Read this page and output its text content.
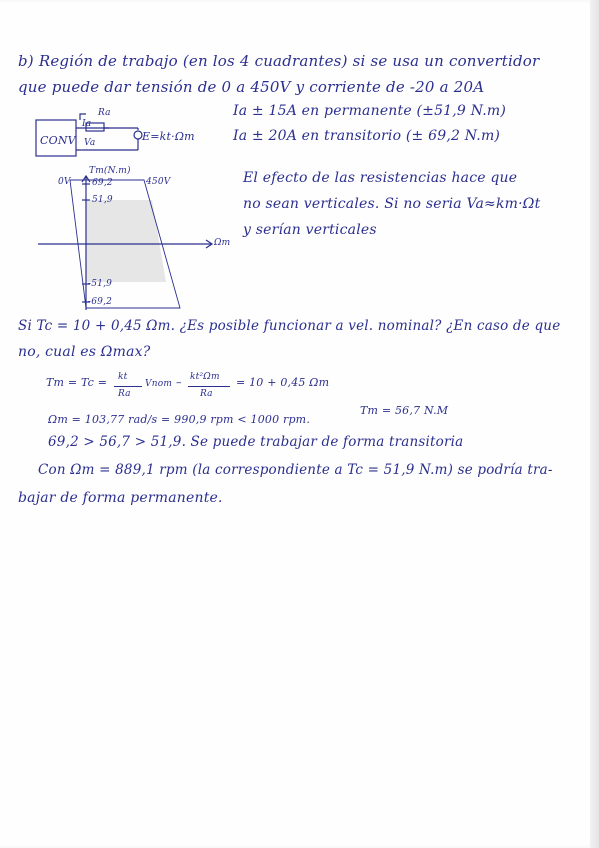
b) Región de trabajo (en los 4 cuadrantes) si se usa un convertidor
que puede dar tensión de 0 a 450V y corriente de -20 a 20A
CONV
Ra
Va
Ia
E=kt·Ωm
Ia ± 15A en permanente (±51,9 N.m)
Ia ± 20A en transitorio (± 69,2 N.m)
Tm(N.m)
0V	450V
69,2
51,9
Ωm
-51,9
-69,2
El efecto de las resistencias hace que
no sean verticales. Si no seria Va≈km·Ωt
y serían verticales
Si Tc = 10 + 0,45 Ωm. ¿Es posible funcionar a vel. nominal? ¿En caso de que
no, cual es Ωmax?
Tm = Tc = kt
Ra
Vnom – kt²Ωm
Ra
= 10 + 0,45 Ωm
Ωm = 103,77 rad/s = 990,9 rpm < 1000 rpm.
Tm = 56,7 N.M
69,2 > 56,7 > 51,9. Se puede trabajar de forma transitoria
Con Ωm = 889,1 rpm (la correspondiente a Tc = 51,9 N.m) se podría tra-
bajar de forma permanente.
